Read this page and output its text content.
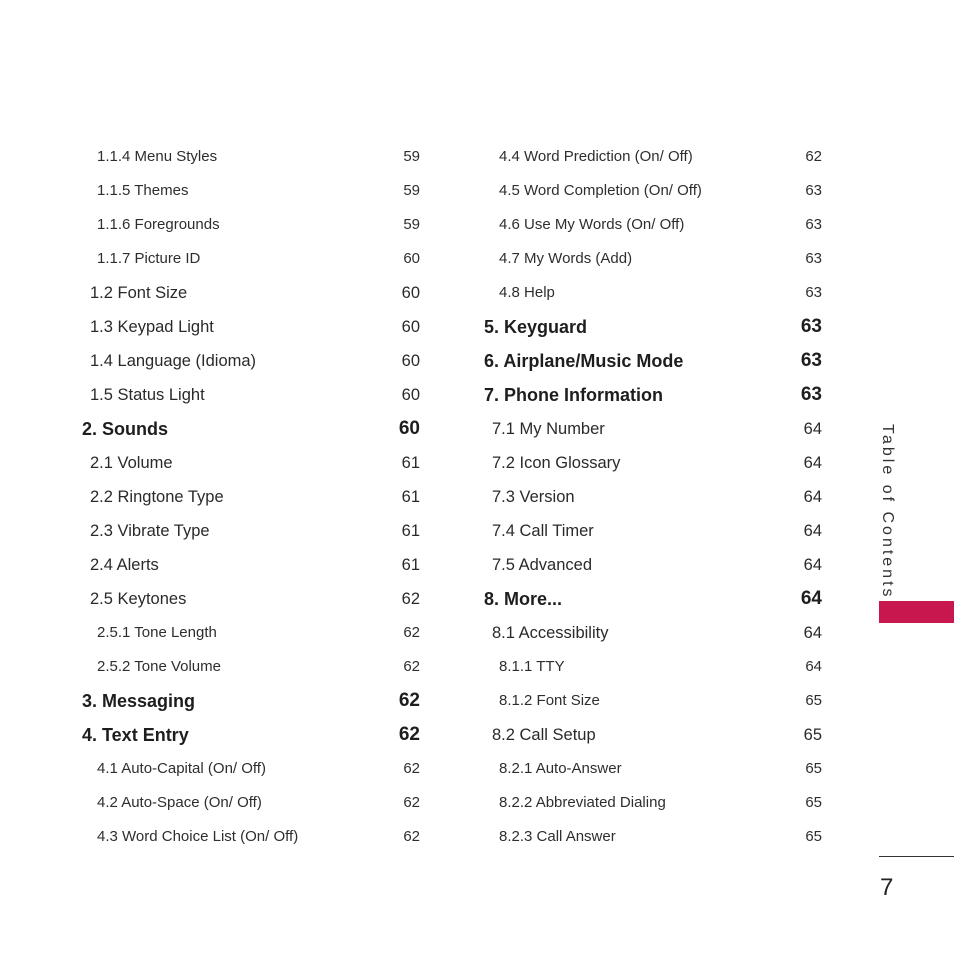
1.1.4 Menu Styles	59
1.1.5 Themes	59
1.1.6 Foregrounds	59
1.1.7 Picture ID	60
1.2 Font Size	60
1.3 Keypad Light	60
1.4 Language (Idioma)	60
1.5 Status Light	60
2. Sounds	60
2.1 Volume	61
2.2 Ringtone Type	61
2.3 Vibrate Type	61
2.4 Alerts	61
2.5 Keytones	62
2.5.1 Tone Length	62
2.5.2 Tone Volume	62
3. Messaging	62
4. Text Entry	62
4.1 Auto-Capital (On/ Off)	62
4.2 Auto-Space (On/ Off)	62
4.3 Word Choice List (On/ Off)	62
4.4 Word Prediction (On/ Off)	62
4.5 Word Completion (On/ Off)	63
4.6 Use My Words (On/ Off)	63
4.7 My Words (Add)	63
4.8 Help	63
5. Keyguard	63
6. Airplane/Music Mode	63
7. Phone Information	63
7.1 My Number	64
7.2 Icon Glossary	64
7.3 Version	64
7.4 Call Timer	64
7.5 Advanced	64
8. More...	64
8.1 Accessibility	64
8.1.1 TTY	64
8.1.2 Font Size	65
8.2 Call Setup	65
8.2.1 Auto-Answer	65
8.2.2 Abbreviated Dialing	65
8.2.3 Call Answer	65
Table of Contents
7
